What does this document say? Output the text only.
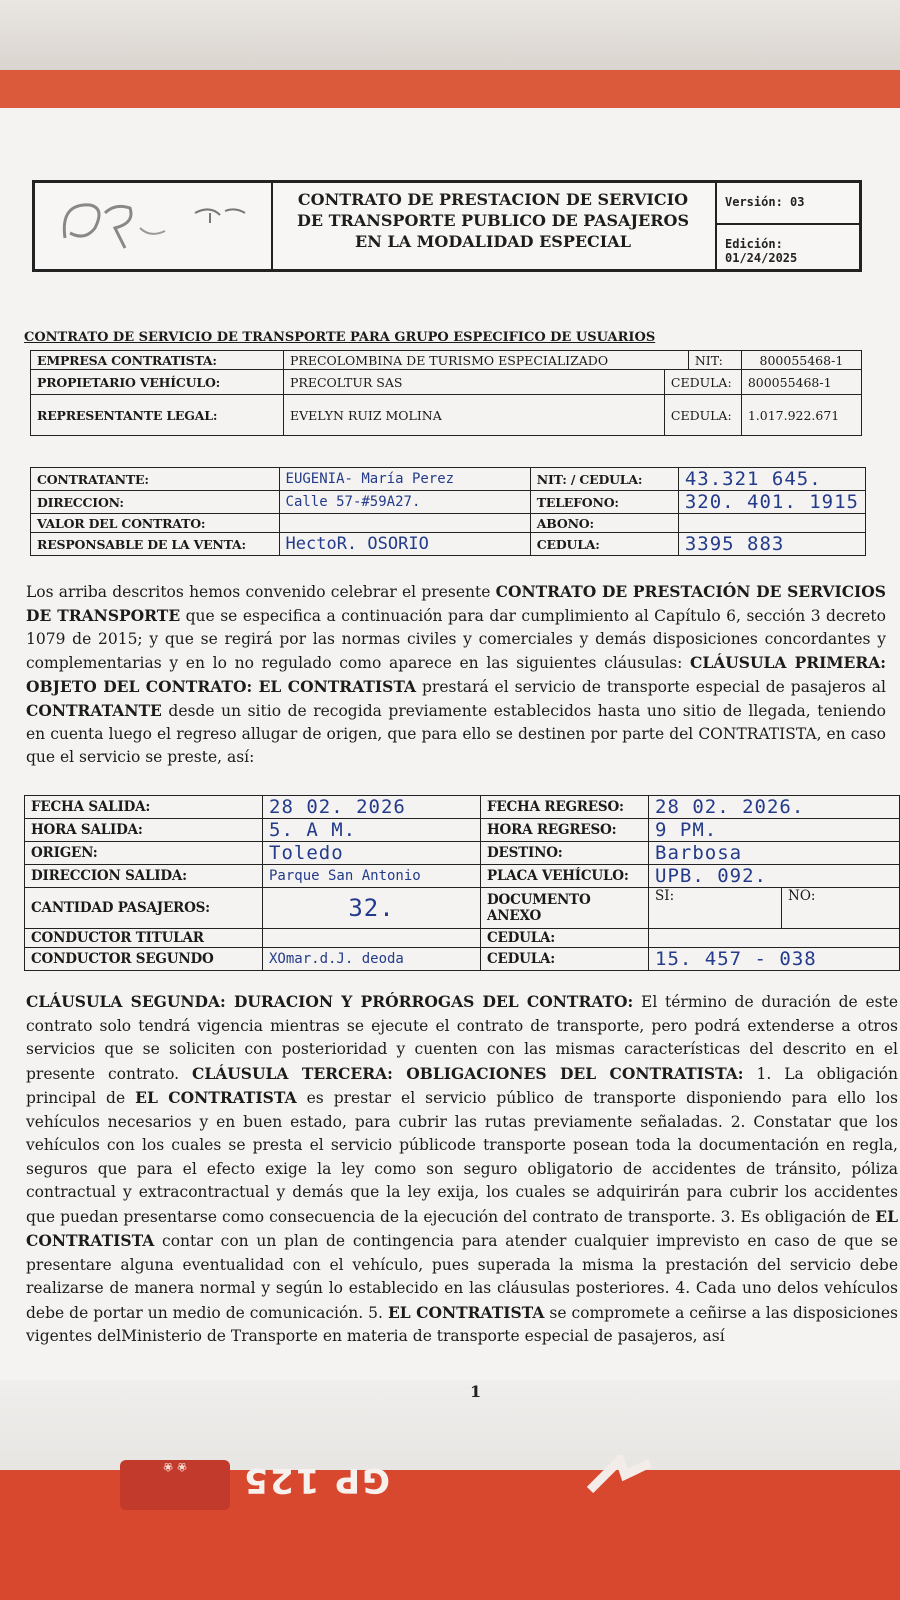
❀ ❀	GP 125
CONTRATO DE PRESTACION DE SERVICIO
DE TRANSPORTE PUBLICO DE PASAJEROS
EN LA MODALIDAD ESPECIAL
Versión: 03
Edición: 01/24/2025
CONTRATO DE SERVICIO DE TRANSPORTE PARA GRUPO ESPECIFICO DE USUARIOS
EMPRESA CONTRATISTA:	PRECOLOMBINA DE TURISMO ESPECIALIZADO		NIT:	800055468-1
PROPIETARIO VEHÍCULO:	PRECOLTUR SAS	CEDULA:		800055468-1
REPRESENTANTE LEGAL:	EVELYN RUIZ MOLINA	CEDULA:		1.017.922.671
CONTRATANTE:	EUGENIA- María Perez	NIT: / CEDULA:	43.321 645.
DIRECCION:	Calle 57-#59A27.	TELEFONO:	320. 401. 1915
VALOR DEL CONTRATO:		ABONO:	
RESPONSABLE DE LA VENTA:	HectoR. OSORIO	CEDULA:	3395 883
Los arriba descritos hemos convenido celebrar el presente CONTRATO DE PRESTACIÓN DE SERVICIOS DE TRANSPORTE que se especifica a continuación para dar cumplimiento al Capítulo 6, sección 3 decreto 1079 de 2015; y que se regirá por las normas civiles y comerciales y demás disposiciones concordantes y complementarias y en lo no regulado como aparece en las siguientes cláusulas: CLÁUSULA PRIMERA: OBJETO DEL CONTRATO: EL CONTRATISTA prestará el servicio de transporte especial de pasajeros al CONTRATANTE desde un sitio de recogida previamente establecidos hasta uno sitio de llegada, teniendo en cuenta luego el regreso allugar de origen, que para ello se destinen por parte del CONTRATISTA, en caso que el servicio se preste, así:
FECHA SALIDA:	28 02. 2026	FECHA REGRESO:	28 02. 2026.	
HORA SALIDA:	5. A M.	HORA REGRESO:	9 PM.	
ORIGEN:	Toledo	DESTINO:	Barbosa	
DIRECCION SALIDA:	Parque San Antonio	PLACA VEHÍCULO:	UPB. 092.	
CANTIDAD PASAJEROS:	32.	DOCUMENTO ANEXO	SI:	NO:
CONDUCTOR TITULAR		CEDULA:		
CONDUCTOR SEGUNDO	XOmar.d.J. deoda	CEDULA:	15. 457 - 038	
CLÁUSULA SEGUNDA: DURACION Y PRÓRROGAS DEL CONTRATO: El término de duración de este contrato solo tendrá vigencia mientras se ejecute el contrato de transporte, pero podrá extenderse a otros servicios que se soliciten con posterioridad y cuenten con las mismas características del descrito en el presente contrato. CLÁUSULA TERCERA: OBLIGACIONES DEL CONTRATISTA: 1. La obligación principal de EL CONTRATISTA es prestar el servicio público de transporte disponiendo para ello los vehículos necesarios y en buen estado, para cubrir las rutas previamente señaladas. 2. Constatar que los vehículos con los cuales se presta el servicio públicode transporte posean toda la documentación en regla, seguros que para el efecto exige la ley como son seguro obligatorio de accidentes de tránsito, póliza contractual y extracontractual y demás que la ley exija, los cuales se adquirirán para cubrir los accidentes que puedan presentarse como consecuencia de la ejecución del contrato de transporte. 3. Es obligación de EL CONTRATISTA contar con un plan de contingencia para atender cualquier imprevisto en caso de que se presentare alguna eventualidad con el vehículo, pues superada la misma la prestación del servicio debe realizarse de manera normal y según lo establecido en las cláusulas posteriores. 4. Cada uno delos vehículos debe de portar un medio de comunicación. 5. EL CONTRATISTA se compromete a ceñirse a las disposiciones vigentes delMinisterio de Transporte en materia de transporte especial de pasajeros, así
1
